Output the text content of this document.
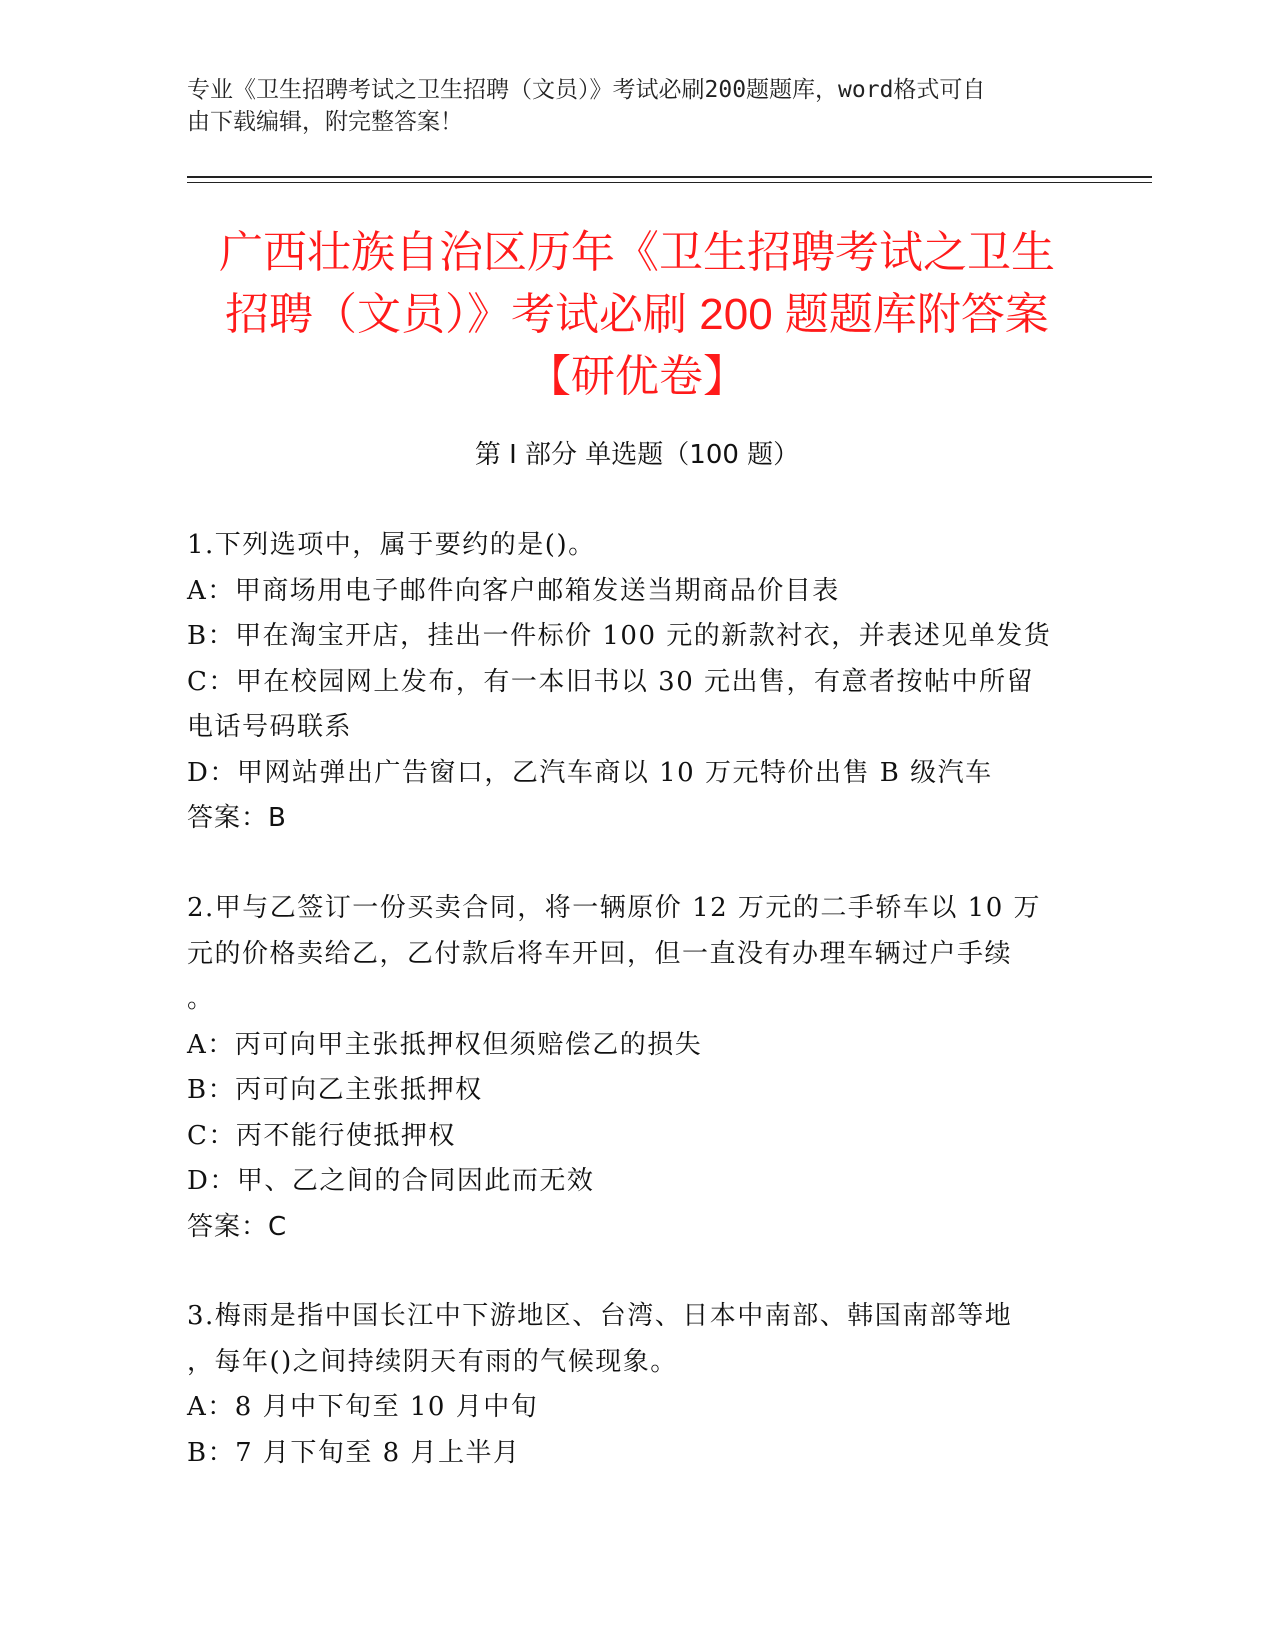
专业《卫生招聘考试之卫生招聘（文员）》考试必刷200题题库，word格式可自
由下载编辑，附完整答案！
广西壮族自治区历年《卫生招聘考试之卫生
招聘（文员）》考试必刷 200 题题库附答案
【研优卷】
第 I 部分 单选题（100 题）

1.下列选项中，属于要约的是()。

A：甲商场用电子邮件向客户邮箱发送当期商品价目表

B：甲在淘宝开店，挂出一件标价 100 元的新款衬衣，并表述见单发货

C：甲在校园网上发布，有一本旧书以 30 元出售，有意者按帖中所留

电话号码联系

D：甲网站弹出广告窗口，乙汽车商以 10 万元特价出售 B 级汽车

答案：B

2.甲与乙签订一份买卖合同，将一辆原价 12 万元的二手轿车以 10 万

元的价格卖给乙，乙付款后将车开回，但一直没有办理车辆过户手续

。

A：丙可向甲主张抵押权但须赔偿乙的损失

B：丙可向乙主张抵押权

C：丙不能行使抵押权

D：甲、乙之间的合同因此而无效

答案：C

3.梅雨是指中国长江中下游地区、台湾、日本中南部、韩国南部等地

，每年()之间持续阴天有雨的气候现象。

A：8 月中下旬至 10 月中旬

B：7 月下旬至 8 月上半月
